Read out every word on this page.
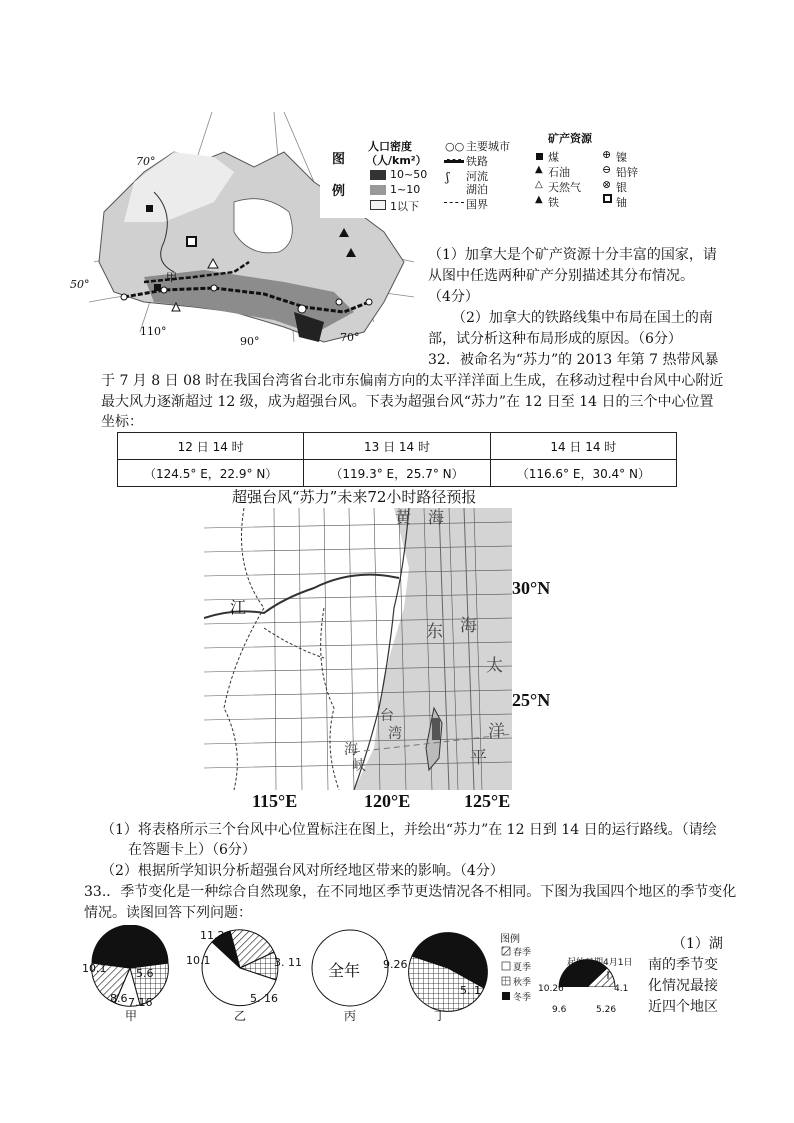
70°
50°
110°
90°	70°
甲
图
例
人口密度
（人/km²）
10~50
1~10
1以下
○○ 主要城市
铁路
ʃ 河流
湖泊
国界
矿产资源
煤
▲ 石油
△ 天然气
▲ 铁
⊕ 镍
⊖ 铅锌
⊗ 银
铀
（1）加拿大是个矿产资源十分丰富的国家，请
从图中任选两种矿产分别描述其分布情况。
（4分）
（2）加拿大的铁路线集中布局在国土的南
部，试分析这种布局形成的原因。（6分）
32．被命名为“苏力”的 2013 年第 7 热带风暴
于 7 月 8 日 08 时在我国台湾省台北市东偏南方向的太平洋洋面上生成，在移动过程中台风中心附近
最大风力逐渐超过 12 级，成为超强台风。下表为超强台风“苏力”在 12 日至 14 日的三个中心位置
坐标：
12 日 14 时	13 日 14 时	14 日 14 时
（124.5° E，22.9° N）	（119.3° E，25.7° N）	（116.6° E，30.4° N）
超强台风“苏力”未来72小时路径预报
30°N
25°N
115°E	120°E	125°E
江
东 海
太
平
台
湾
海
峡
洋
黄 海
（1）将表格所示三个台风中心位置标注在图上，并绘出“苏力”在 12 日到 14 日的运行路线。（请绘
在答题卡上）（6分）
（2）根据所学知识分析超强台风对所经地区带来的影响。（4分）
33.．季节变化是一种综合自然现象，在不同地区季节更迭情况各不相同。下图为我国四个地区的季节变化
情况。读图回答下列问题：
10.1	5.6
8.6 7.16
甲
11.26
10.1	3. 11
5. 16
乙
全年
丙
9.26
5. 1
丁
图例
春季
夏季
秋季
冬季
起始日期4月1日
10.26	4.1
9.6	5.26
（1）湖
南的季节变
化情况最接
近四个地区
